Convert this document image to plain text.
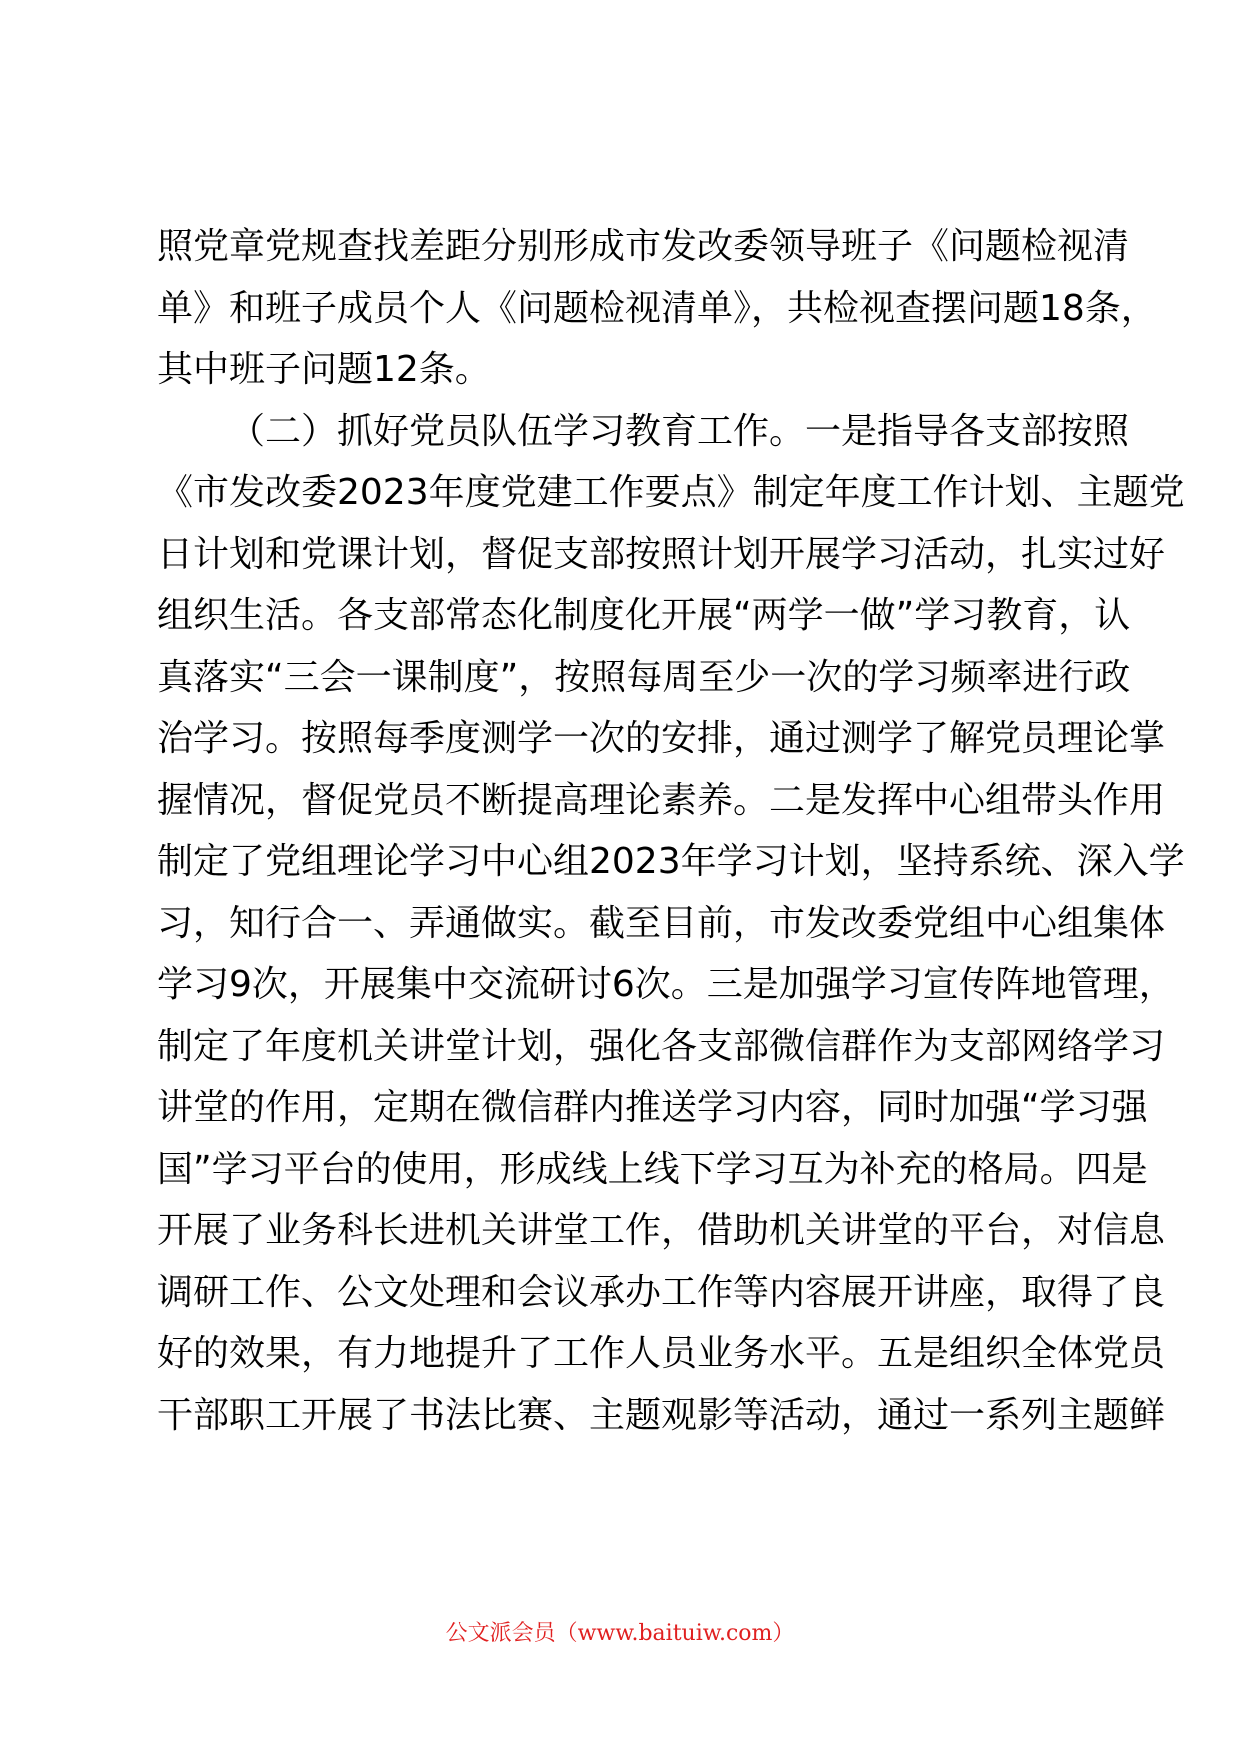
照党章党规查找差距分别形成市发改委领导班子《问题检视清
单》和班子成员个人《问题检视清单》，共检视查摆问题18条，
其中班子问题12条。
（二）抓好党员队伍学习教育工作。一是指导各支部按照
《市发改委2023年度党建工作要点》制定年度工作计划、主题党
日计划和党课计划，督促支部按照计划开展学习活动，扎实过好
组织生活。各支部常态化制度化开展“两学一做”学习教育，认
真落实“三会一课制度”，按照每周至少一次的学习频率进行政
治学习。按照每季度测学一次的安排，通过测学了解党员理论掌
握情况，督促党员不断提高理论素养。二是发挥中心组带头作用
制定了党组理论学习中心组2023年学习计划，坚持系统、深入学
习，知行合一、弄通做实。截至目前，市发改委党组中心组集体
学习9次，开展集中交流研讨6次。三是加强学习宣传阵地管理，
制定了年度机关讲堂计划，强化各支部微信群作为支部网络学习
讲堂的作用，定期在微信群内推送学习内容，同时加强“学习强
国”学习平台的使用，形成线上线下学习互为补充的格局。四是
开展了业务科长进机关讲堂工作，借助机关讲堂的平台，对信息
调研工作、公文处理和会议承办工作等内容展开讲座，取得了良
好的效果，有力地提升了工作人员业务水平。五是组织全体党员
干部职工开展了书法比赛、主题观影等活动，通过一系列主题鲜
公文派会员（www.baituiw.com）
